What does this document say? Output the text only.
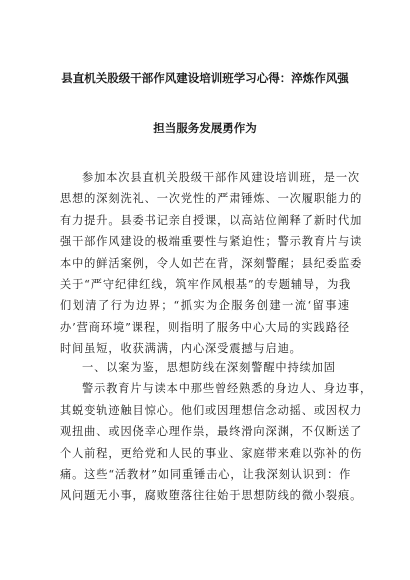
县直机关股级干部作风建设培训班学习心得：淬炼作风强
担当服务发展勇作为
参加本次县直机关股级干部作风建设培训班，是一次
思想的深刻洗礼、一次党性的严肃锤炼、一次履职能力的
有力提升。县委书记亲自授课，以高站位阐释了新时代加
强干部作风建设的极端重要性与紧迫性；警示教育片与读
本中的鲜活案例，令人如芒在背，深刻警醒；县纪委监委
关于“严守纪律红线，筑牢作风根基”的专题辅导，为我
们划清了行为边界；“抓实为企服务创建一流‘留事速
办’营商环境”课程，则指明了服务中心大局的实践路径
时间虽短，收获满满，内心深受震撼与启迪。
一、以案为鉴，思想防线在深刻警醒中持续加固
警示教育片与读本中那些曾经熟悉的身边人、身边事，
其蜕变轨迹触目惊心。他们或因理想信念动摇、或因权力
观扭曲、或因侥幸心理作祟，最终滑向深渊，不仅断送了
个人前程，更给党和人民的事业、家庭带来难以弥补的伤
痛。这些“活教材”如同重锤击心，让我深刻认识到：作
风问题无小事，腐败堕落往往始于思想防线的微小裂痕。
